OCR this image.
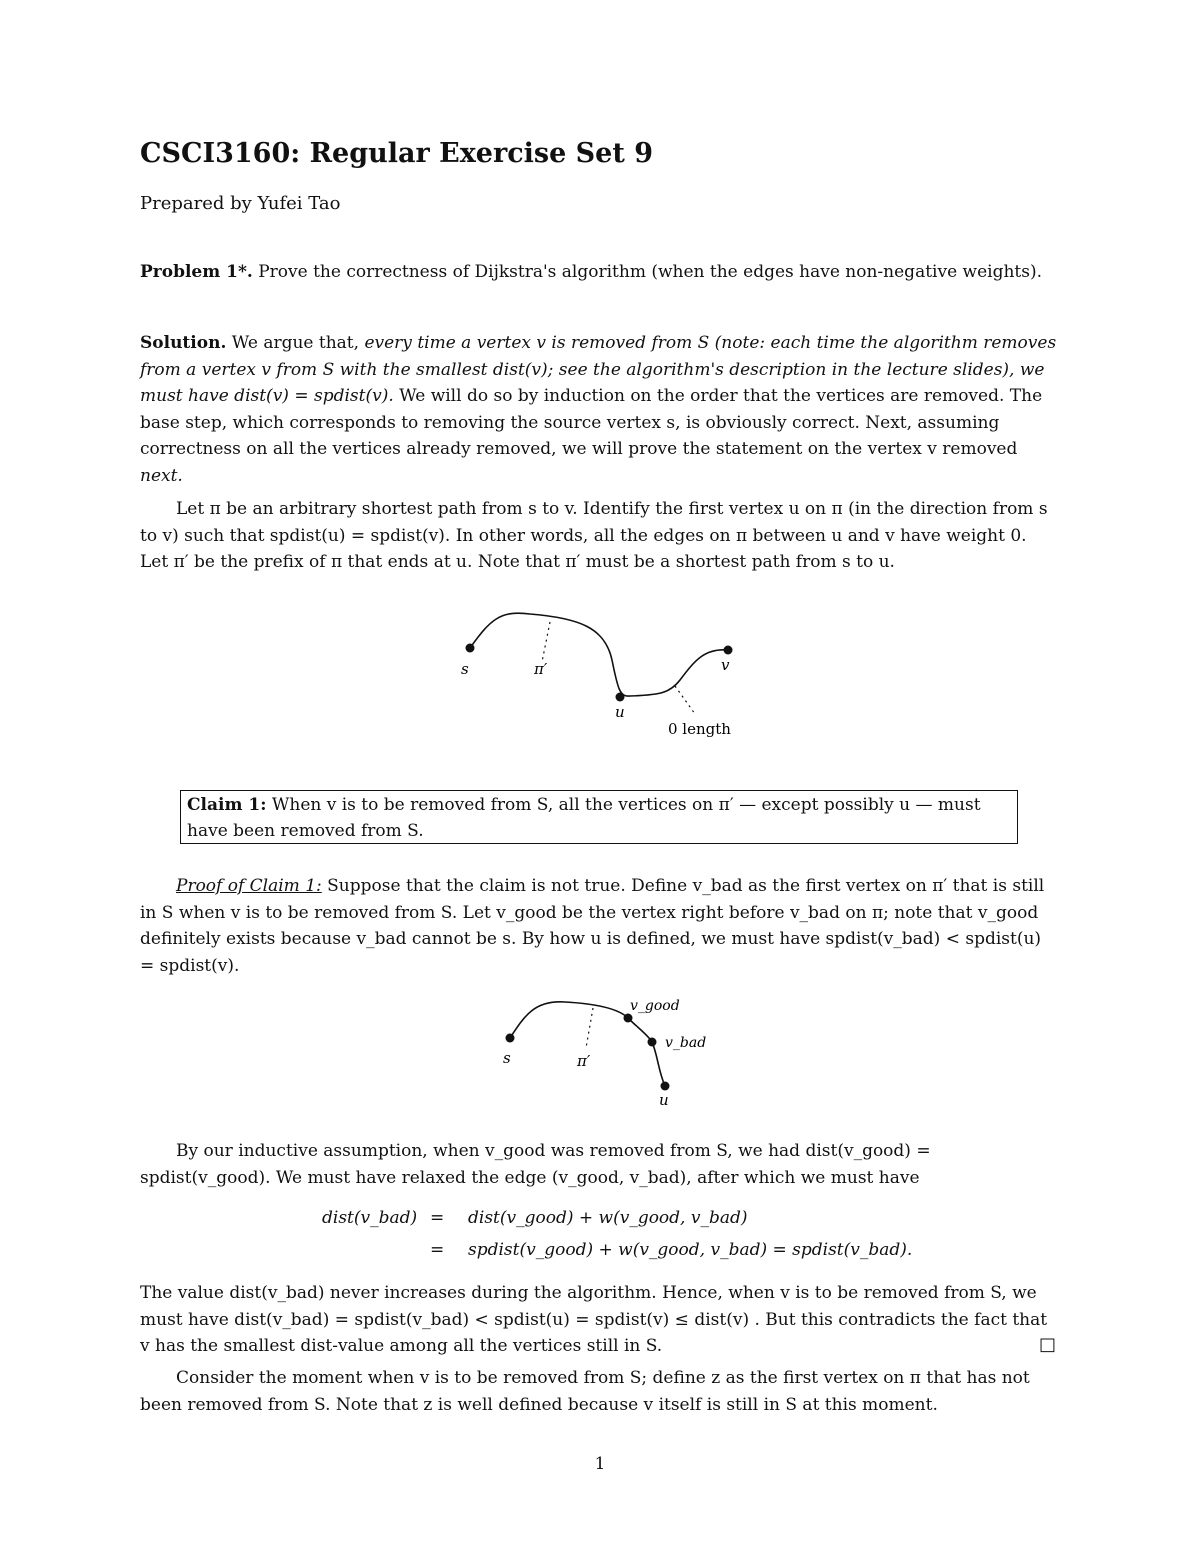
CSCI3160: Regular Exercise Set 9
Prepared by Yufei Tao
Problem 1*. Prove the correctness of Dijkstra's algorithm (when the edges have non-negative weights).
Solution. We argue that, every time a vertex v is removed from S (note: each time the algorithm removes from a vertex v from S with the smallest dist(v); see the algorithm's description in the lecture slides), we must have dist(v) = spdist(v). We will do so by induction on the order that the vertices are removed. The base step, which corresponds to removing the source vertex s, is obviously correct. Next, assuming correctness on all the vertices already removed, we will prove the statement on the vertex v removed next.
Let π be an arbitrary shortest path from s to v. Identify the first vertex u on π (in the direction from s to v) such that spdist(u) = spdist(v). In other words, all the edges on π between u and v have weight 0. Let π′ be the prefix of π that ends at u. Note that π′ must be a shortest path from s to u.
s	π′
u
v
0 length
Claim 1: When v is to be removed from S, all the vertices on π′ — except possibly u — must have been removed from S.
Proof of Claim 1: Suppose that the claim is not true. Define v_bad as the first vertex on π′ that is still in S when v is to be removed from S. Let v_good be the vertex right before v_bad on π; note that v_good definitely exists because v_bad cannot be s. By how u is defined, we must have spdist(v_bad) < spdist(u) = spdist(v).
s	π′
v_good
v_bad
u
By our inductive assumption, when v_good was removed from S, we had dist(v_good) = spdist(v_good). We must have relaxed the edge (v_good, v_bad), after which we must have
dist(v_bad) = dist(v_good) + w(v_good, v_bad)
= spdist(v_good) + w(v_good, v_bad) = spdist(v_bad).
The value dist(v_bad) never increases during the algorithm. Hence, when v is to be removed from S, we must have dist(v_bad) = spdist(v_bad) < spdist(u) = spdist(v) ≤ dist(v) . But this contradicts the fact that v has the smallest dist-value among all the vertices still in S.	□
Consider the moment when v is to be removed from S; define z as the first vertex on π that has not been removed from S. Note that z is well defined because v itself is still in S at this moment.
1
